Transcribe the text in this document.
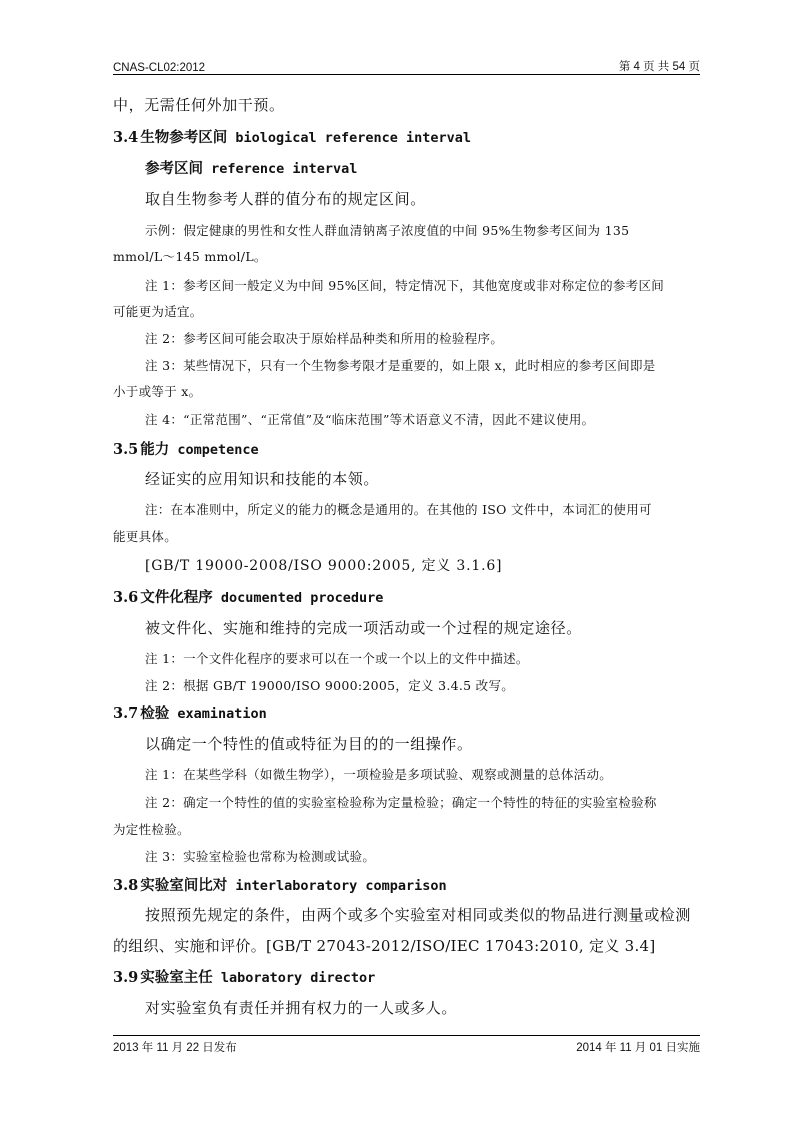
CNAS-CL02:2012	第 4 页 共 54 页
中，无需任何外加干预。
3.4 生物参考区间 biological reference interval
参考区间 reference interval
取自生物参考人群的值分布的规定区间。
示例：假定健康的男性和女性人群血清钠离子浓度值的中间 95%生物参考区间为 135
mmol/L～145 mmol/L。
注 1：参考区间一般定义为中间 95%区间，特定情况下，其他宽度或非对称定位的参考区间
可能更为适宜。
注 2：参考区间可能会取决于原始样品种类和所用的检验程序。
注 3：某些情况下，只有一个生物参考限才是重要的，如上限 x，此时相应的参考区间即是
小于或等于 x。
注 4：“正常范围”、“正常值”及“临床范围”等术语意义不清，因此不建议使用。
3.5 能力 competence
经证实的应用知识和技能的本领。
注：在本准则中，所定义的能力的概念是通用的。在其他的 ISO 文件中，本词汇的使用可
能更具体。
[GB/T 19000-2008/ISO 9000:2005, 定义 3.1.6]
3.6 文件化程序 documented procedure
被文件化、实施和维持的完成一项活动或一个过程的规定途径。
注 1：一个文件化程序的要求可以在一个或一个以上的文件中描述。
注 2：根据 GB/T 19000/ISO 9000:2005，定义 3.4.5 改写。
3.7 检验 examination
以确定一个特性的值或特征为目的的一组操作。
注 1：在某些学科（如微生物学），一项检验是多项试验、观察或测量的总体活动。
注 2：确定一个特性的值的实验室检验称为定量检验；确定一个特性的特征的实验室检验称
为定性检验。
注 3：实验室检验也常称为检测或试验。
3.8 实验室间比对 interlaboratory comparison
按照预先规定的条件，由两个或多个实验室对相同或类似的物品进行测量或检测
的组织、实施和评价。[GB/T 27043-2012/ISO/IEC 17043:2010, 定义 3.4]
3.9 实验室主任 laboratory director
对实验室负有责任并拥有权力的一人或多人。
2013 年 11 月 22 日发布	2014 年 11 月 01 日实施
